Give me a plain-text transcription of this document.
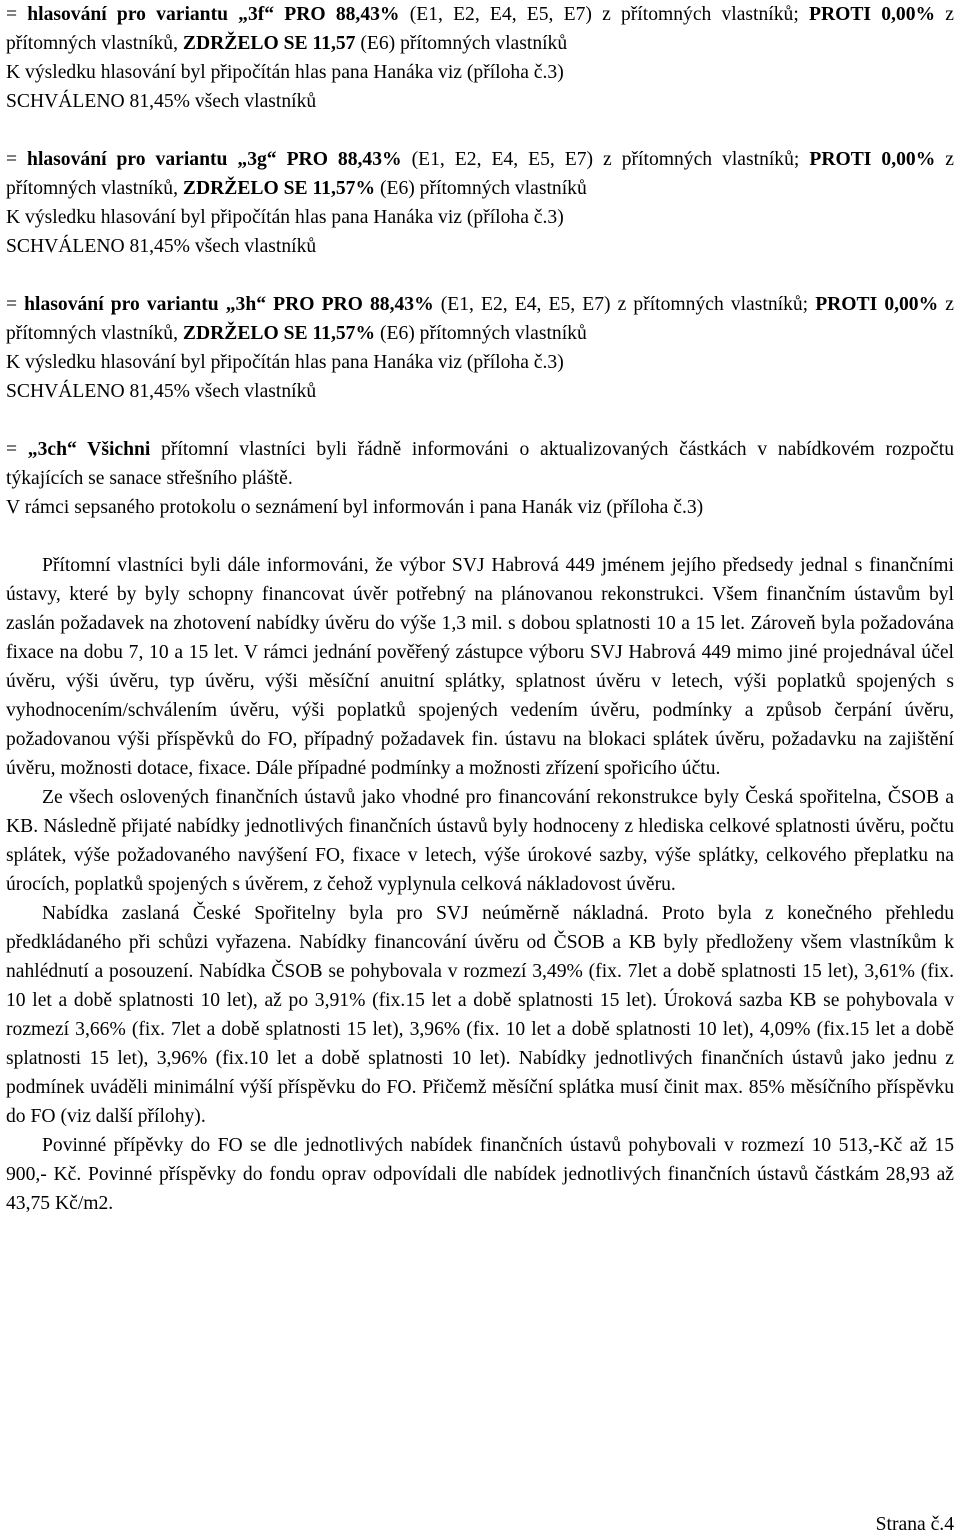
= hlasování pro variantu „3f“ PRO 88,43% (E1, E2, E4, E5, E7) z přítomných vlastníků; PROTI 0,00% z přítomných vlastníků, ZDRŽELO SE 11,57 (E6) přítomných vlastníků

K výsledku hlasování byl připočítán hlas pana Hanáka viz (příloha č.3)

SCHVÁLENO 81,45% všech vlastníků

= hlasování pro variantu „3g“ PRO 88,43% (E1, E2, E4, E5, E7) z přítomných vlastníků; PROTI 0,00% z přítomných vlastníků, ZDRŽELO SE 11,57% (E6) přítomných vlastníků

K výsledku hlasování byl připočítán hlas pana Hanáka viz (příloha č.3)

SCHVÁLENO 81,45% všech vlastníků

= hlasování pro variantu „3h“ PRO PRO 88,43% (E1, E2, E4, E5, E7) z přítomných vlastníků; PROTI 0,00% z přítomných vlastníků, ZDRŽELO SE 11,57% (E6) přítomných vlastníků

K výsledku hlasování byl připočítán hlas pana Hanáka viz (příloha č.3)

SCHVÁLENO 81,45% všech vlastníků

= „3ch“ Všichni přítomní vlastníci byli řádně informováni o aktualizovaných částkách v nabídkovém rozpočtu týkajících se sanace střešního pláště.

V rámci sepsaného protokolu o seznámení byl informován i pana Hanák viz (příloha č.3)

Přítomní vlastníci byli dále informováni, že výbor SVJ Habrová 449 jménem jejího předsedy jednal s finančními ústavy, které by byly schopny financovat úvěr potřebný na plánovanou rekonstrukci. Všem finančním ústavům byl zaslán požadavek na zhotovení nabídky úvěru do výše 1,3 mil. s dobou splatnosti 10 a 15 let. Zároveň byla požadována fixace na dobu 7, 10 a 15 let. V rámci jednání pověřený zástupce výboru SVJ Habrová 449 mimo jiné projednával účel úvěru, výši úvěru, typ úvěru, výši měsíční anuitní splátky, splatnost úvěru v letech, výši poplatků spojených s vyhodnocením/schválením úvěru, výši poplatků spojených vedením úvěru, podmínky a způsob čerpání úvěru, požadovanou výši příspěvků do FO, případný požadavek fin. ústavu na blokaci splátek úvěru, požadavku na zajištění úvěru, možnosti dotace, fixace. Dále případné podmínky a možnosti zřízení spořicího účtu.

Ze všech oslovených finančních ústavů jako vhodné pro financování rekonstrukce byly Česká spořitelna, ČSOB a KB. Následně přijaté nabídky jednotlivých finančních ústavů byly hodnoceny z hlediska celkové splatnosti úvěru, počtu splátek, výše požadovaného navýšení FO, fixace v letech, výše úrokové sazby, výše splátky, celkového přeplatku na úrocích, poplatků spojených s úvěrem, z čehož vyplynula celková nákladovost úvěru.

Nabídka zaslaná České Spořitelny byla pro SVJ neúměrně nákladná. Proto byla z konečného přehledu předkládaného při schůzi vyřazena. Nabídky financování úvěru od ČSOB a KB byly předloženy všem vlastníkům k nahlédnutí a posouzení. Nabídka ČSOB se pohybovala v rozmezí 3,49% (fix. 7let a době splatnosti 15 let), 3,61% (fix. 10 let a době splatnosti 10 let), až po 3,91% (fix.15 let a době splatnosti 15 let). Úroková sazba KB se pohybovala v rozmezí 3,66% (fix. 7let a době splatnosti 15 let), 3,96% (fix. 10 let a době splatnosti 10 let), 4,09% (fix.15 let a době splatnosti 15 let), 3,96% (fix.10 let a době splatnosti 10 let). Nabídky jednotlivých finančních ústavů jako jednu z podmínek uváděli minimální výší příspěvku do FO. Přičemž měsíční splátka musí činit max. 85% měsíčního příspěvku do FO (viz další přílohy).

Povinné přípěvky do FO se dle jednotlivých nabídek finančních ústavů pohybovali v rozmezí 10 513,-Kč až 15 900,- Kč. Povinné příspěvky do fondu oprav odpovídali dle nabídek jednotlivých finančních ústavů částkám 28,93 až 43,75 Kč/m2.

Strana č.4
